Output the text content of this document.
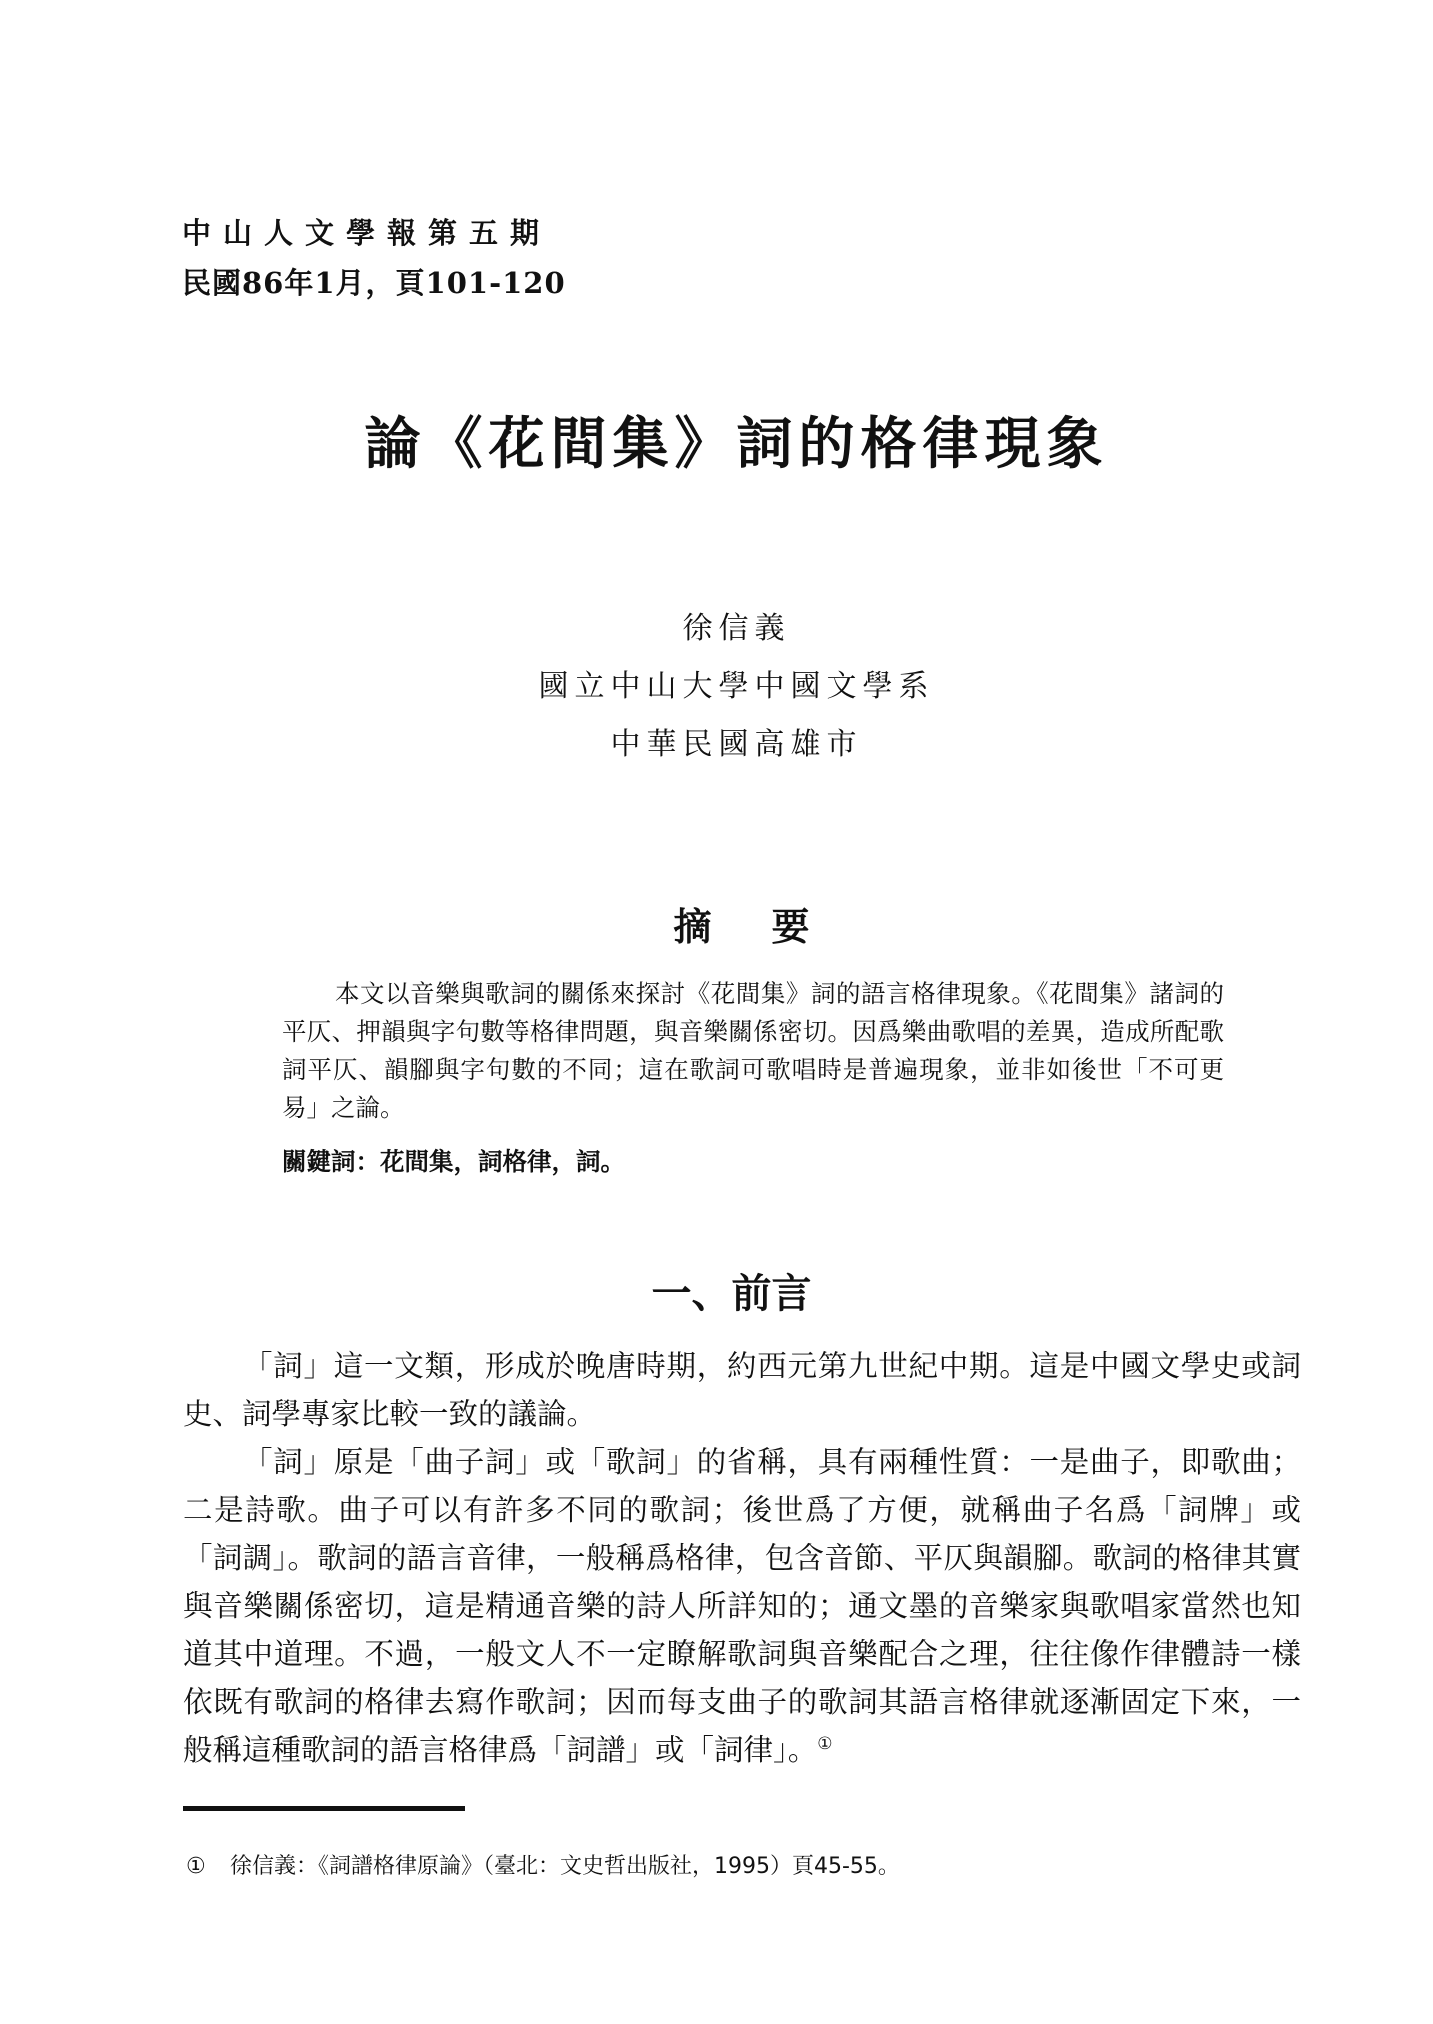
中山人文學報第五期
民國86年1月，頁101-120
論《花間集》詞的格律現象
徐信義
國立中山大學中國文學系
中華民國高雄市
摘要

本文以音樂與歌詞的關係來探討《花間集》詞的語言格律現象。《花間集》諸詞的平仄、押韻與字句數等格律問題，與音樂關係密切。因爲樂曲歌唱的差異，造成所配歌詞平仄、韻腳與字句數的不同；這在歌詞可歌唱時是普遍現象，並非如後世「不可更易」之論。

關鍵詞：花間集，詞格律，詞。
一、前言

「詞」這一文類，形成於晚唐時期，約西元第九世紀中期。這是中國文學史或詞史、詞學專家比較一致的議論。

「詞」原是「曲子詞」或「歌詞」的省稱，具有兩種性質：一是曲子，即歌曲；二是詩歌。曲子可以有許多不同的歌詞；後世爲了方便，就稱曲子名爲「詞牌」或「詞調」。歌詞的語言音律，一般稱爲格律，包含音節、平仄與韻腳。歌詞的格律其實與音樂關係密切，這是精通音樂的詩人所詳知的；通文墨的音樂家與歌唱家當然也知道其中道理。不過，一般文人不一定瞭解歌詞與音樂配合之理，往往像作律體詩一樣依既有歌詞的格律去寫作歌詞；因而每支曲子的歌詞其語言格律就逐漸固定下來，一般稱這種歌詞的語言格律爲「詞譜」或「詞律」。①

① 徐信義：《詞譜格律原論》（臺北：文史哲出版社，1995）頁45-55。
